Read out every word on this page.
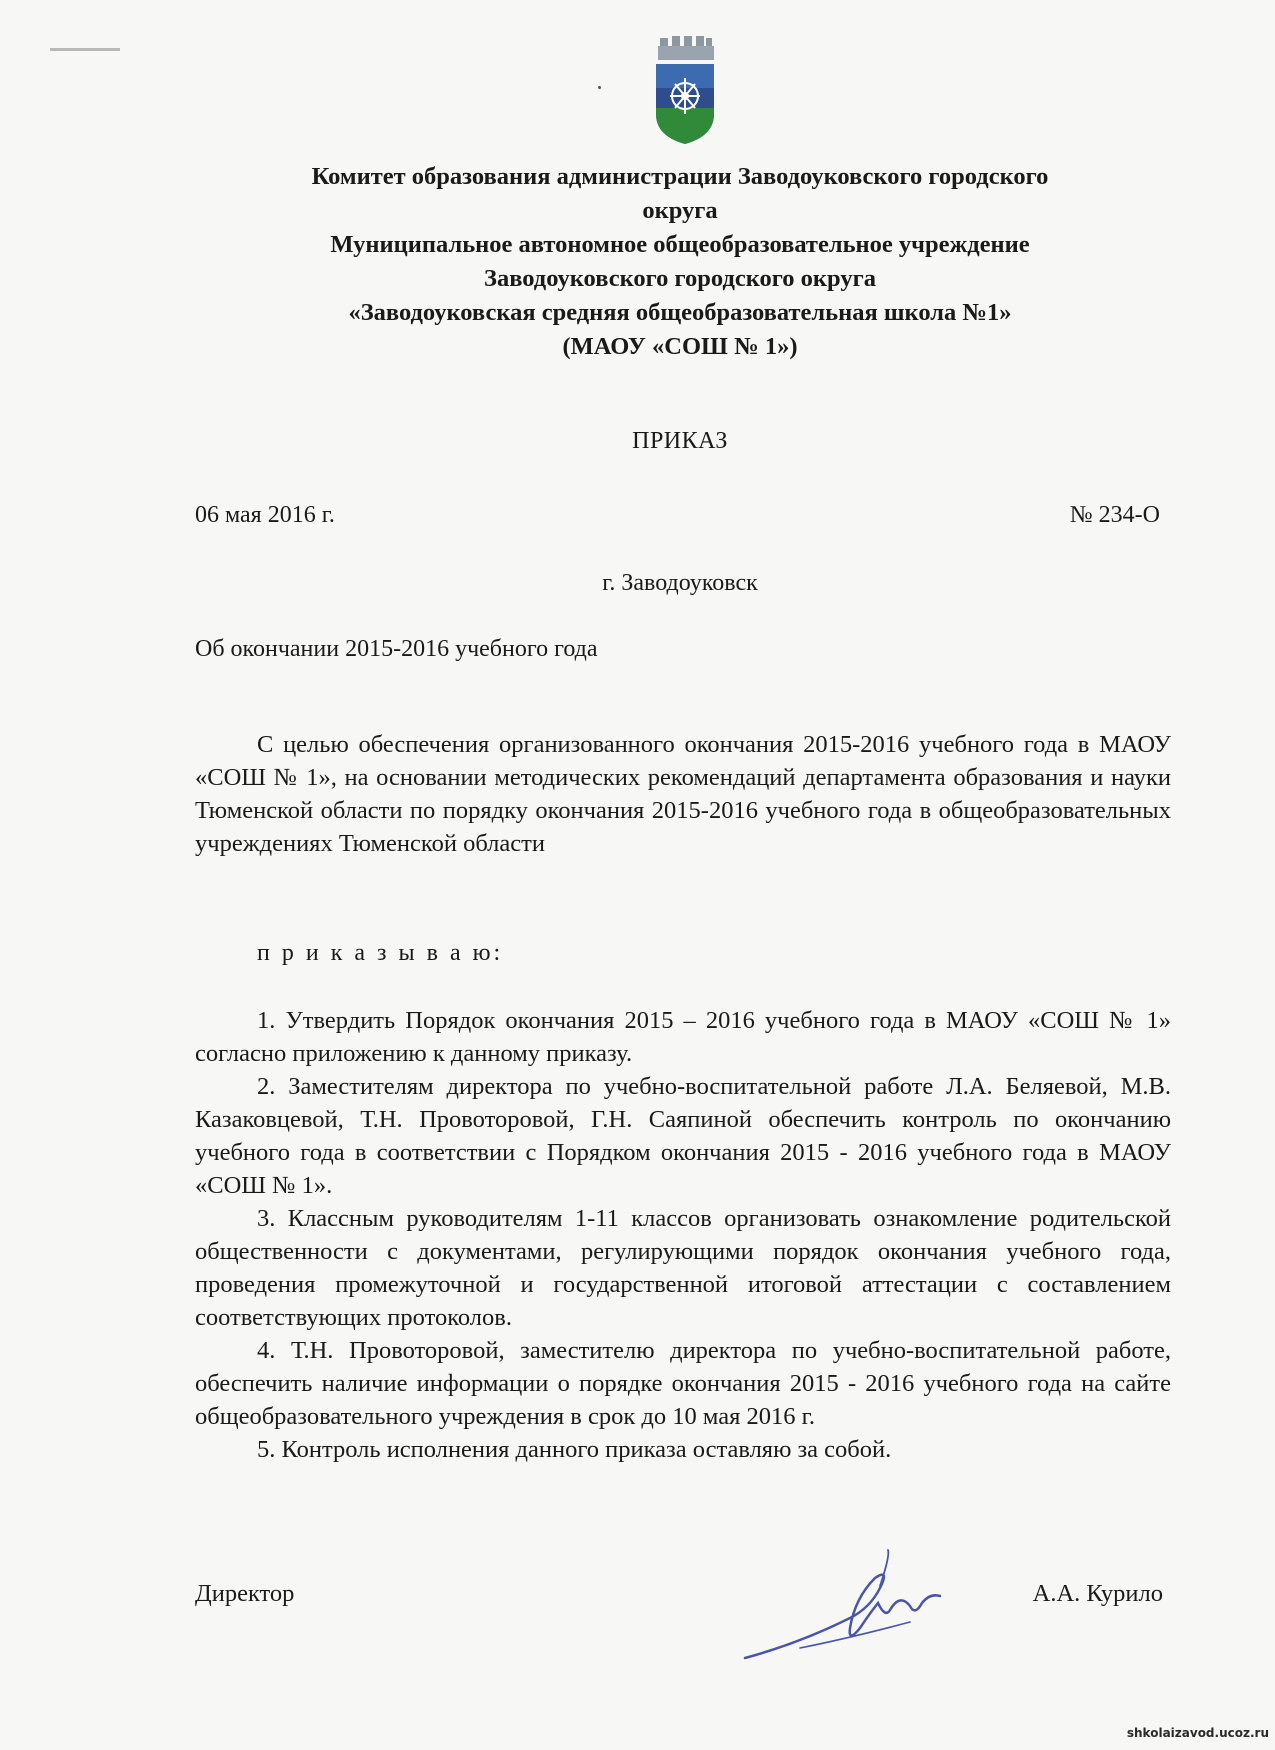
Комитет образования администрации Заводоуковского городского
округа
Муниципальное автономное общеобразовательное учреждение
Заводоуковского городского округа
«Заводоуковская средняя общеобразовательная школа №1»
(МАОУ «СОШ № 1»)
ПРИКАЗ
06 мая 2016 г.	№ 234-О
г. Заводоуковск
Об окончании 2015-2016 учебного года

С целью обеспечения организованного окончания 2015-2016 учебного года в МАОУ «СОШ № 1», на основании методических рекомендаций департамента образования и науки Тюменской области по порядку окончания 2015-2016 учебного года в общеобразовательных учреждениях Тюменской области

п р и к а з ы в а ю:

1. Утвердить Порядок окончания 2015 – 2016 учебного года в МАОУ «СОШ № 1» согласно приложению к данному приказу.

2. Заместителям директора по учебно-воспитательной работе Л.А. Беляевой, М.В. Казаковцевой, Т.Н. Провоторовой, Г.Н. Саяпиной обеспечить контроль по окончанию учебного года в соответствии с Порядком окончания 2015 - 2016 учебного года в МАОУ «СОШ № 1».

3. Классным руководителям 1-11 классов организовать ознакомление родительской общественности с документами, регулирующими порядок окончания учебного года, проведения промежуточной и государственной итоговой аттестации с составлением соответствующих протоколов.

4. Т.Н. Провоторовой, заместителю директора по учебно-воспитательной работе, обеспечить наличие информации о порядке окончания 2015 - 2016 учебного года на сайте общеобразовательного учреждения в срок до 10 мая 2016 г.

5. Контроль исполнения данного приказа оставляю за собой.

Директор	А.А. Курило
shkolaizavod.ucoz.ru
